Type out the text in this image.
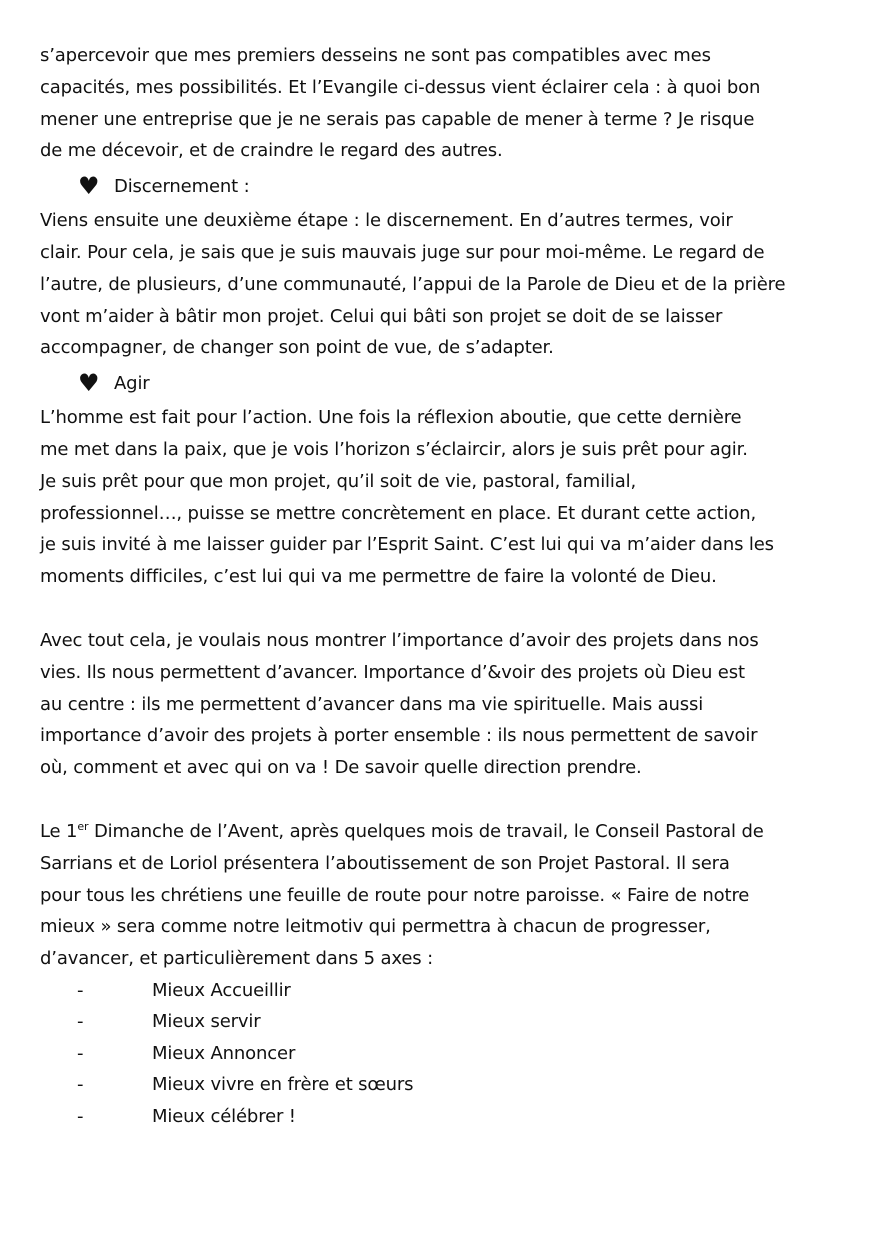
s’apercevoir que mes premiers desseins ne sont pas compatibles avec mes
capacités, mes possibilités. Et l’Evangile ci-dessus vient éclairer cela : à quoi bon
mener une entreprise que je ne serais pas capable de mener à terme ? Je risque
de me décevoir, et de craindre le regard des autres.
♥ Discernement :
Viens ensuite une deuxième étape : le discernement. En d’autres termes, voir
clair. Pour cela, je sais que je suis mauvais juge sur pour moi-même. Le regard de
l’autre, de plusieurs, d’une communauté, l’appui de la Parole de Dieu et de la prière
vont m’aider à bâtir mon projet. Celui qui bâti son projet se doit de se laisser
accompagner, de changer son point de vue, de s’adapter.
♥ Agir
L’homme est fait pour l’action. Une fois la réflexion aboutie, que cette dernière
me met dans la paix, que je vois l’horizon s’éclaircir, alors je suis prêt pour agir.
Je suis prêt pour que mon projet, qu’il soit de vie, pastoral, familial,
professionnel…, puisse se mettre concrètement en place. Et durant cette action,
je suis invité à me laisser guider par l’Esprit Saint. C’est lui qui va m’aider dans les
moments difficiles, c’est lui qui va me permettre de faire la volonté de Dieu.
Avec tout cela, je voulais nous montrer l’importance d’avoir des projets dans nos
vies. Ils nous permettent d’avancer. Importance d’&voir des projets où Dieu est
au centre : ils me permettent d’avancer dans ma vie spirituelle. Mais aussi
importance d’avoir des projets à porter ensemble : ils nous permettent de savoir
où, comment et avec qui on va ! De savoir quelle direction prendre.
Le 1er Dimanche de l’Avent, après quelques mois de travail, le Conseil Pastoral de
Sarrians et de Loriol présentera l’aboutissement de son Projet Pastoral. Il sera
pour tous les chrétiens une feuille de route pour notre paroisse. « Faire de notre
mieux » sera comme notre leitmotiv qui permettra à chacun de progresser,
d’avancer, et particulièrement dans 5 axes :
-	Mieux Accueillir
-	Mieux servir
-	Mieux Annoncer
-	Mieux vivre en frère et sœurs
-	Mieux célébrer !
